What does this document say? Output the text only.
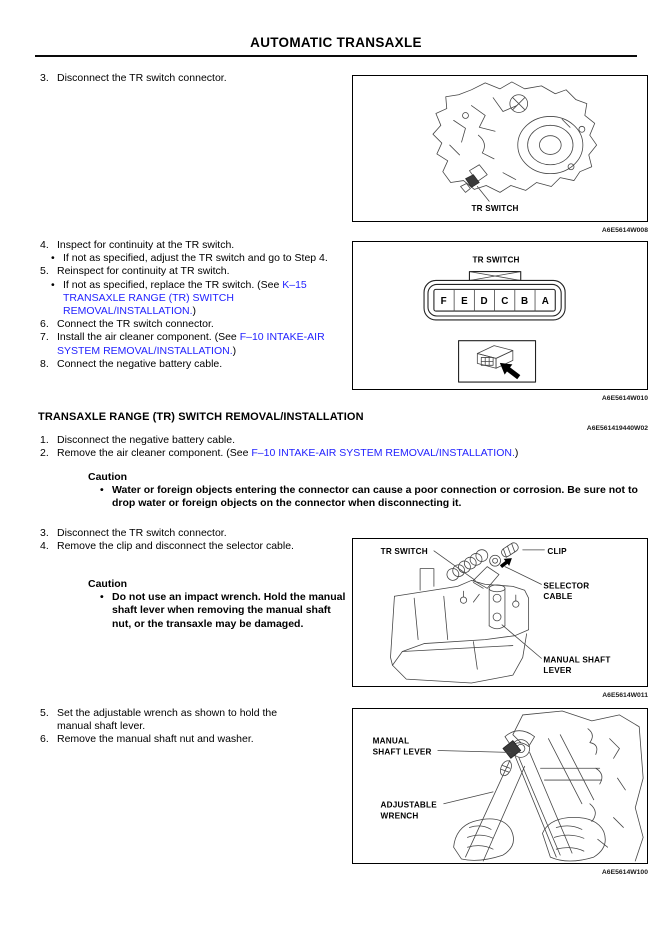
AUTOMATIC TRANSAXLE
3. Disconnect the TR switch connector.
TR SWITCH
A6E5614W008
4. Inspect for continuity at the TR switch.
• If not as specified, adjust the TR switch and go to Step 4.
5. Reinspect for continuity at TR switch.
• If not as specified, replace the TR switch. (See K–15 TRANSAXLE RANGE (TR) SWITCH REMOVAL/INSTALLATION.)
6. Connect the TR switch connector.
7. Install the air cleaner component. (See F–10 INTAKE-AIR SYSTEM REMOVAL/INSTALLATION.)
8. Connect the negative battery cable.
TR SWITCH
F E D C B A
A6E5614W010
TRANSAXLE RANGE (TR) SWITCH REMOVAL/INSTALLATION
A6E561419440W02
1. Disconnect the negative battery cable.
2. Remove the air cleaner component. (See F–10 INTAKE-AIR SYSTEM REMOVAL/INSTALLATION.)
Caution
• Water or foreign objects entering the connector can cause a poor connection or corrosion. Be sure not to drop water or foreign objects on the connector when disconnecting it.
3. Disconnect the TR switch connector.
4. Remove the clip and disconnect the selector cable.
Caution
• Do not use an impact wrench. Hold the manual shaft lever when removing the manual shaft nut, or the transaxle may be damaged.
TR SWITCH	CLIP
SELECTOR
CABLE
MANUAL SHAFT
LEVER
A6E5614W011
5. Set the adjustable wrench as shown to hold the manual shaft lever.
6. Remove the manual shaft nut and washer.	MANUAL
SHAFT LEVER
ADJUSTABLE
WRENCH
A6E5614W100
